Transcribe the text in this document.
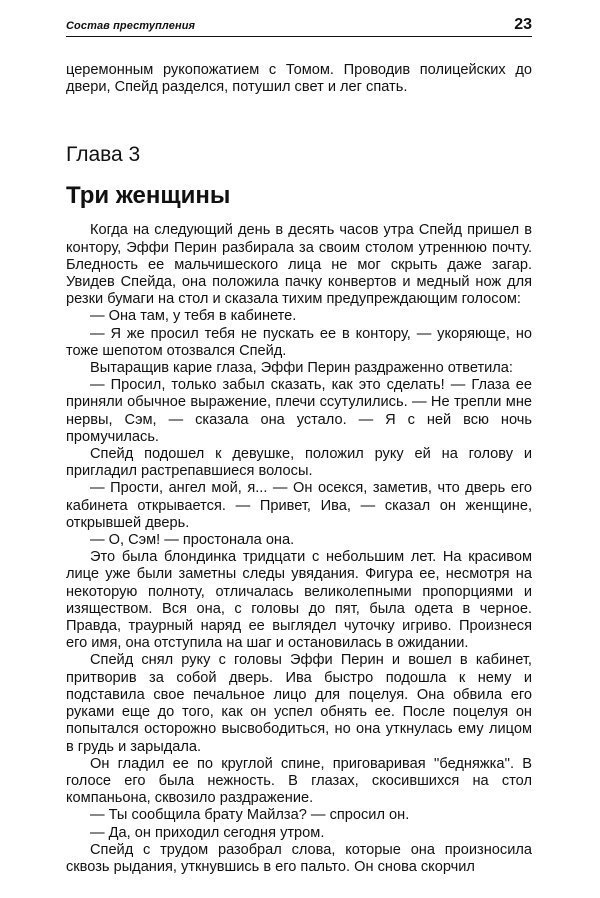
Состав преступления	23

церемонным рукопожатием с Томом. Проводив полицейских до двери, Спейд разделся, потушил свет и лег спать.

Глава 3
Три женщины

Когда на следующий день в десять часов утра Спейд пришел в контору, Эффи Перин разбирала за своим столом утреннюю почту. Бледность ее мальчишеского лица не мог скрыть даже загар. Увидев Спейда, она положила пачку конвертов и медный нож для резки бумаги на стол и сказала тихим предупреждающим голосом:

— Она там, у тебя в кабинете.

— Я же просил тебя не пускать ее в контору, — укоряюще, но тоже шепотом отозвался Спейд.

Вытаращив карие глаза, Эффи Перин раздраженно ответила:

— Просил, только забыл сказать, как это сделать! — Глаза ее приняли обычное выражение, плечи ссутулились. — Не трепли мне нервы, Сэм, — сказала она устало. — Я с ней всю ночь промучилась.

Спейд подошел к девушке, положил руку ей на голову и пригладил растрепавшиеся волосы.

— Прости, ангел мой, я... — Он осекся, заметив, что дверь его кабинета открывается. — Привет, Ива, — сказал он женщине, открывшей дверь.

— О, Сэм! — простонала она.

Это была блондинка тридцати с небольшим лет. На красивом лице уже были заметны следы увядания. Фигура ее, несмотря на некоторую полноту, отличалась великолепными пропорциями и изяществом. Вся она, с головы до пят, была одета в черное. Правда, траурный наряд ее выглядел чуточку игриво. Произнеся его имя, она отступила на шаг и остановилась в ожидании.

Спейд снял руку с головы Эффи Перин и вошел в кабинет, притворив за собой дверь. Ива быстро подошла к нему и подставила свое печальное лицо для поцелуя. Она обвила его руками еще до того, как он успел обнять ее. После поцелуя он попытался осторожно высвободиться, но она уткнулась ему лицом в грудь и зарыдала.

Он гладил ее по круглой спине, приговаривая ''бедняжка''. В голосе его была нежность. В глазах, скосившихся на стол компаньона, сквозило раздражение.

— Ты сообщила брату Майлза? — спросил он.

— Да, он приходил сегодня утром.

Спейд с трудом разобрал слова, которые она произносила сквозь рыдания, уткнувшись в его пальто. Он снова скорчил
